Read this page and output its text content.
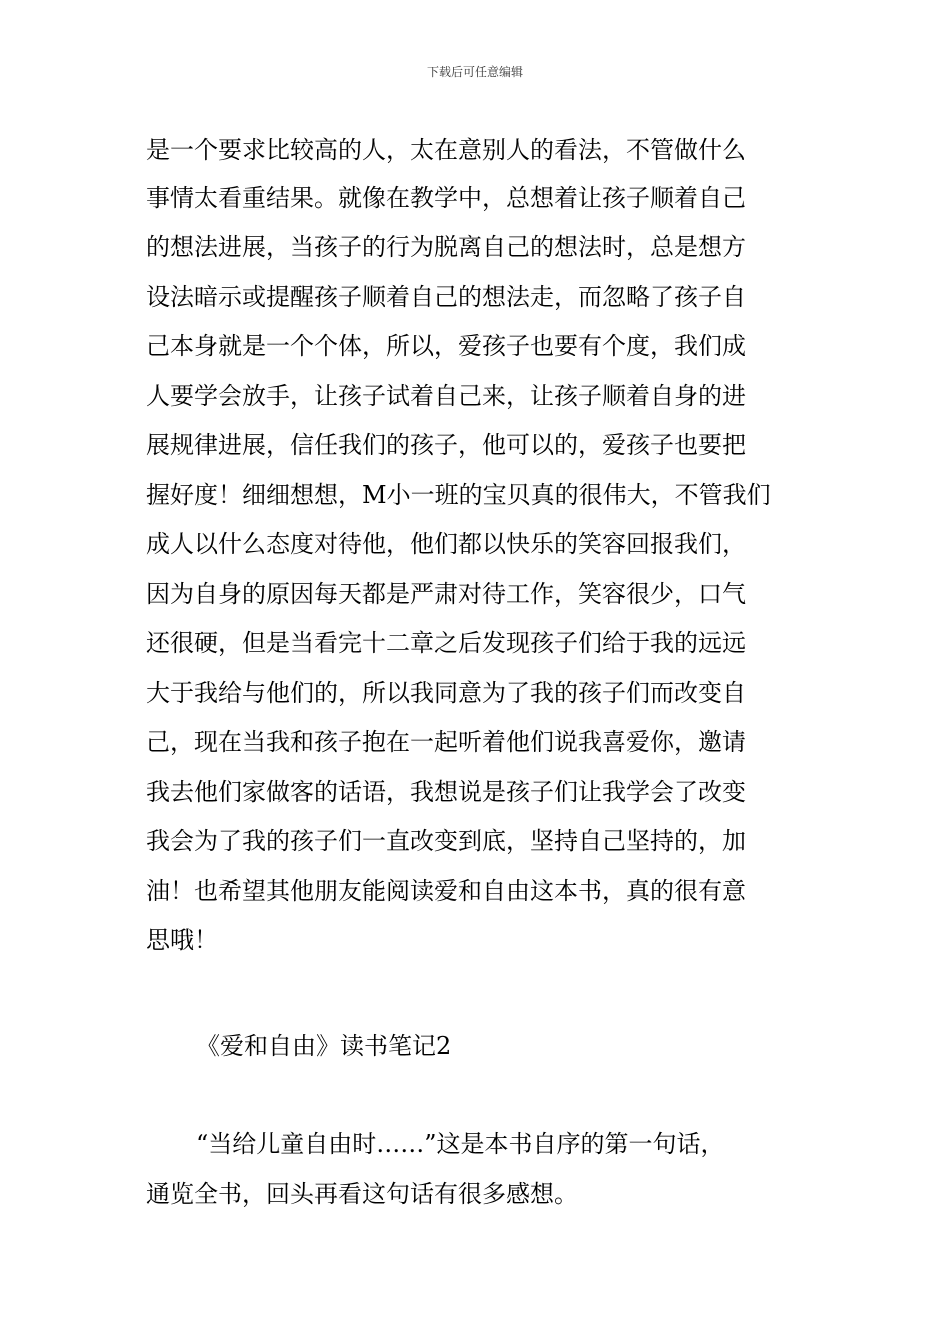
下载后可任意编辑
是一个要求比较高的人，太在意别人的看法，不管做什么
事情太看重结果。就像在教学中，总想着让孩子顺着自己
的想法进展，当孩子的行为脱离自己的想法时，总是想方
设法暗示或提醒孩子顺着自己的想法走，而忽略了孩子自
己本身就是一个个体，所以，爱孩子也要有个度，我们成
人要学会放手，让孩子试着自己来，让孩子顺着自身的进
展规律进展，信任我们的孩子，他可以的，爱孩子也要把
握好度！细细想想，M小一班的宝贝真的很伟大，不管我们
成人以什么态度对待他，他们都以快乐的笑容回报我们，
因为自身的原因每天都是严肃对待工作，笑容很少，口气
还很硬，但是当看完十二章之后发现孩子们给于我的远远
大于我给与他们的，所以我同意为了我的孩子们而改变自
己，现在当我和孩子抱在一起听着他们说我喜爱你，邀请
我去他们家做客的话语，我想说是孩子们让我学会了改变
我会为了我的孩子们一直改变到底，坚持自己坚持的，加
油！也希望其他朋友能阅读爱和自由这本书，真的很有意
思哦！
《爱和自由》读书笔记2
“当给儿童自由时……”这是本书自序的第一句话，
通览全书，回头再看这句话有很多感想。
